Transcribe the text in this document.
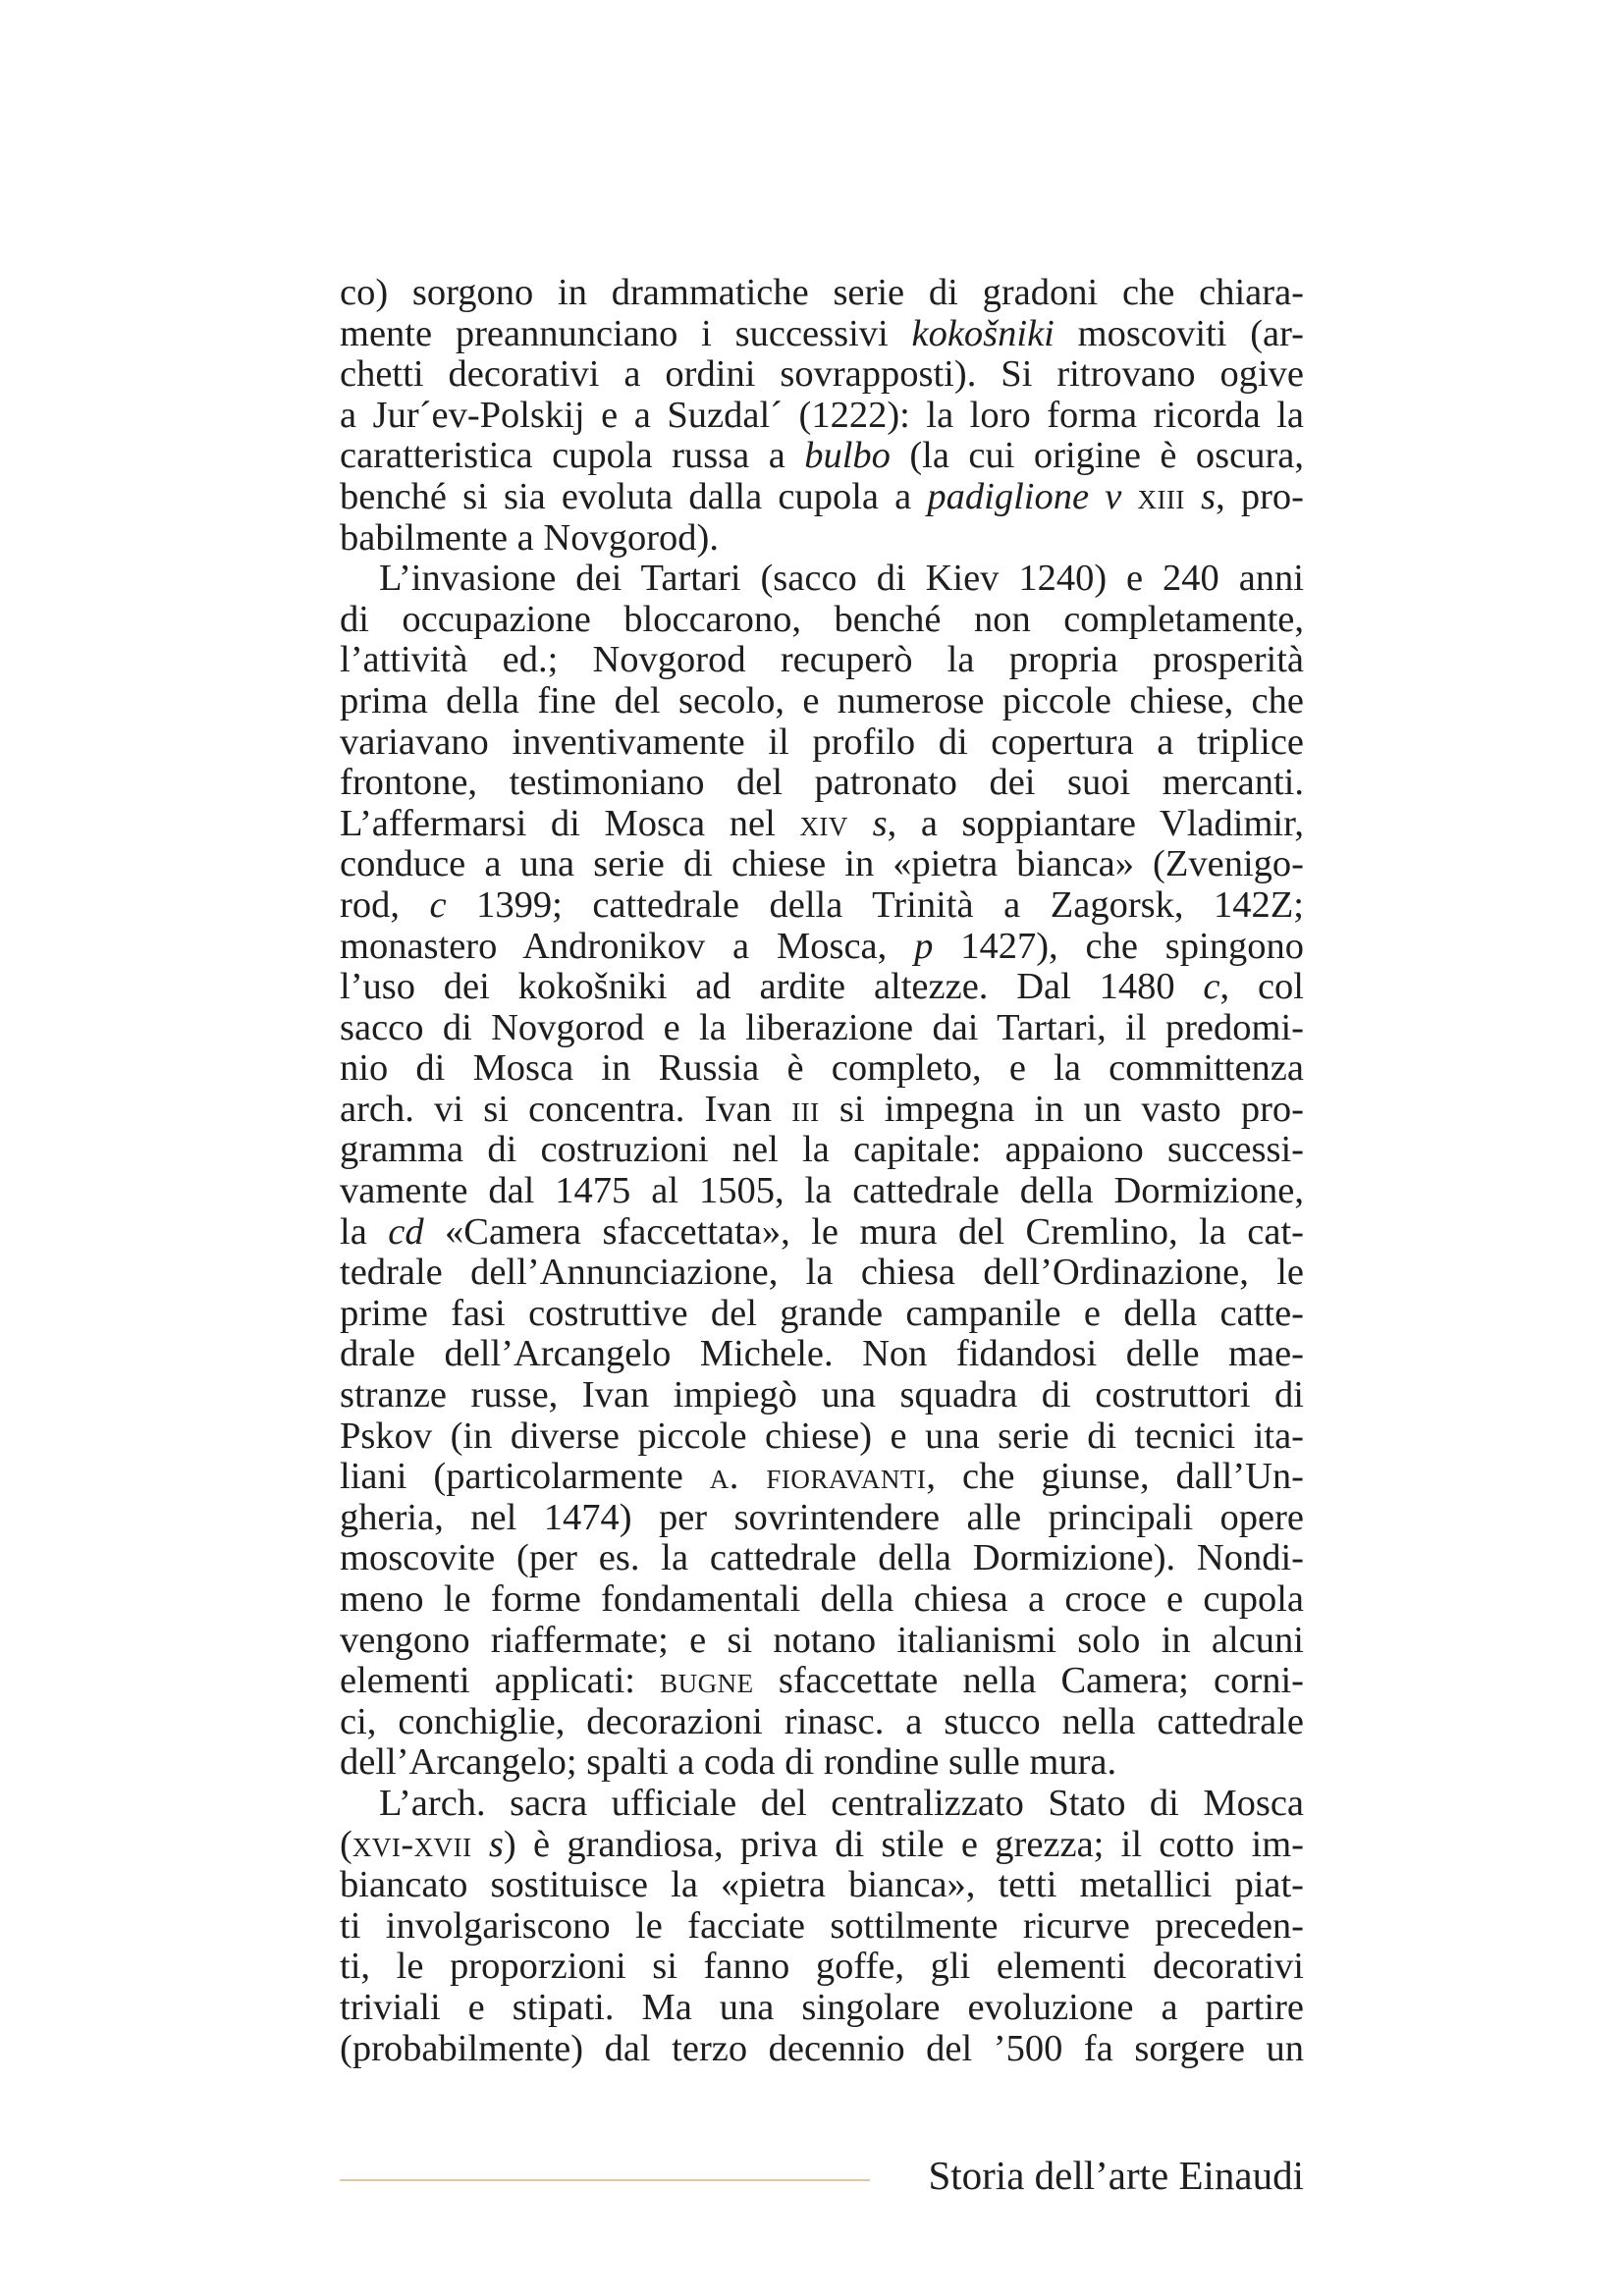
co) sorgono in drammatiche serie di gradoni che chiara-
mente preannunciano i successivi kokošniki moscoviti (ar-
chetti decorativi a ordini sovrapposti). Si ritrovano ogive
a Jur´ev-Polskij e a Suzdal´ (1222): la loro forma ricorda la
caratteristica cupola russa a bulbo (la cui origine è oscura,
benché si sia evoluta dalla cupola a padiglione v xiii s, pro-
babilmente a Novgorod).
L’invasione dei Tartari (sacco di Kiev 1240) e 240 anni
di occupazione bloccarono, benché non completamente,
l’attività ed.; Novgorod recuperò la propria prosperità
prima della fine del secolo, e numerose piccole chiese, che
variavano inventivamente il profilo di copertura a triplice
frontone, testimoniano del patronato dei suoi mercanti.
L’affermarsi di Mosca nel xiv s, a soppiantare Vladimir,
conduce a una serie di chiese in «pietra bianca» (Zvenigo-
rod, c 1399; cattedrale della Trinità a Zagorsk, 142Z;
monastero Andronikov a Mosca, p 1427), che spingono
l’uso dei kokošniki ad ardite altezze. Dal 1480 c, col
sacco di Novgorod e la liberazione dai Tartari, il predomi-
nio di Mosca in Russia è completo, e la committenza
arch. vi si concentra. Ivan iii si impegna in un vasto pro-
gramma di costruzioni nel la capitale: appaiono successi-
vamente dal 1475 al 1505, la cattedrale della Dormizione,
la cd «Camera sfaccettata», le mura del Cremlino, la cat-
tedrale dell’Annunciazione, la chiesa dell’Ordinazione, le
prime fasi costruttive del grande campanile e della catte-
drale dell’Arcangelo Michele. Non fidandosi delle mae-
stranze russe, Ivan impiegò una squadra di costruttori di
Pskov (in diverse piccole chiese) e una serie di tecnici ita-
liani (particolarmente a. fioravanti, che giunse, dall’Un-
gheria, nel 1474) per sovrintendere alle principali opere
moscovite (per es. la cattedrale della Dormizione). Nondi-
meno le forme fondamentali della chiesa a croce e cupola
vengono riaffermate; e si notano italianismi solo in alcuni
elementi applicati: bugne sfaccettate nella Camera; corni-
ci, conchiglie, decorazioni rinasc. a stucco nella cattedrale
dell’Arcangelo; spalti a coda di rondine sulle mura.
L’arch. sacra ufficiale del centralizzato Stato di Mosca
(xvi-xvii s) è grandiosa, priva di stile e grezza; il cotto im-
biancato sostituisce la «pietra bianca», tetti metallici piat-
ti involgariscono le facciate sottilmente ricurve preceden-
ti, le proporzioni si fanno goffe, gli elementi decorativi
triviali e stipati. Ma una singolare evoluzione a partire
(probabilmente) dal terzo decennio del ’500 fa sorgere un
Storia dell’arte Einaudi
